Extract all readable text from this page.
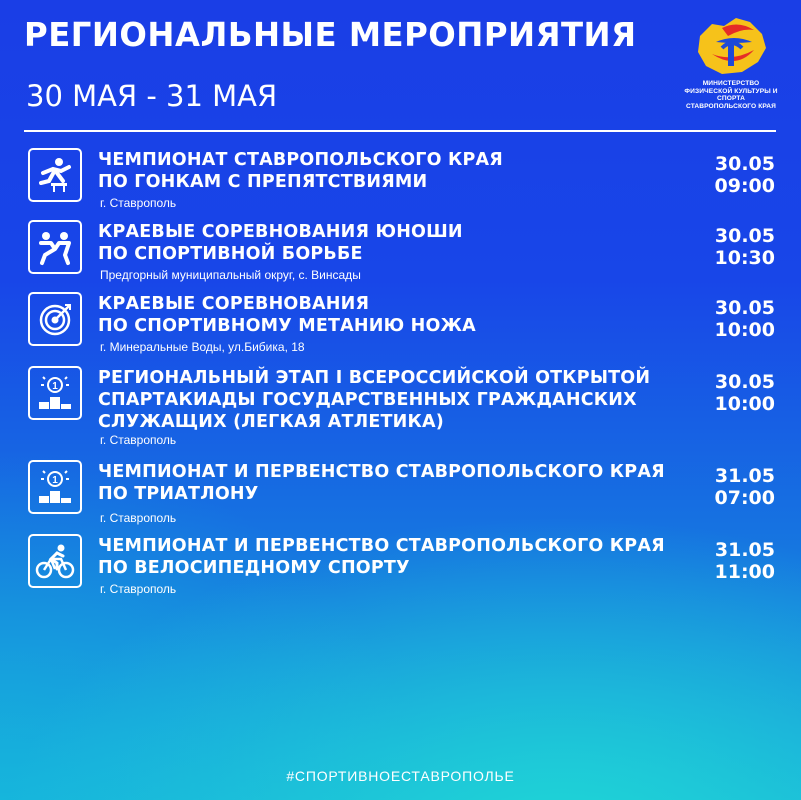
РЕГИОНАЛЬНЫЕ МЕРОПРИЯТИЯ
30 МАЯ - 31 МАЯ	МИНИСТЕРСТВО
ФИЗИЧЕСКОЙ КУЛЬТУРЫ И СПОРТА
СТАВРОПОЛЬСКОГО КРАЯ
ЧЕМПИОНАТ СТАВРОПОЛЬСКОГО КРАЯ
ПО ГОНКАМ С ПРЕПЯТСТВИЯМИ
г. Ставрополь
30.05
09:00
КРАЕВЫЕ СОРЕВНОВАНИЯ ЮНОШИ
ПО СПОРТИВНОЙ БОРЬБЕ
Предгорный муниципальный округ, с. Винсады
30.05
10:30
КРАЕВЫЕ СОРЕВНОВАНИЯ
ПО СПОРТИВНОМУ МЕТАНИЮ НОЖА
г. Минеральные Воды, ул.Бибика, 18
30.05
10:00
1 РЕГИОНАЛЬНЫЙ ЭТАП I ВСЕРОССИЙСКОЙ ОТКРЫТОЙ
СПАРТАКИАДЫ ГОСУДАРСТВЕННЫХ ГРАЖДАНСКИХ
СЛУЖАЩИХ (ЛЕГКАЯ АТЛЕТИКА)
г. Ставрополь
30.05
10:00
1 ЧЕМПИОНАТ И ПЕРВЕНСТВО СТАВРОПОЛЬСКОГО КРАЯ
ПО ТРИАТЛОНУ
г. Ставрополь
31.05
07:00
ЧЕМПИОНАТ И ПЕРВЕНСТВО СТАВРОПОЛЬСКОГО КРАЯ
ПО ВЕЛОСИПЕДНОМУ СПОРТУ
г. Ставрополь
31.05
11:00
#СПОРТИВНОЕСТАВРОПОЛЬЕ
